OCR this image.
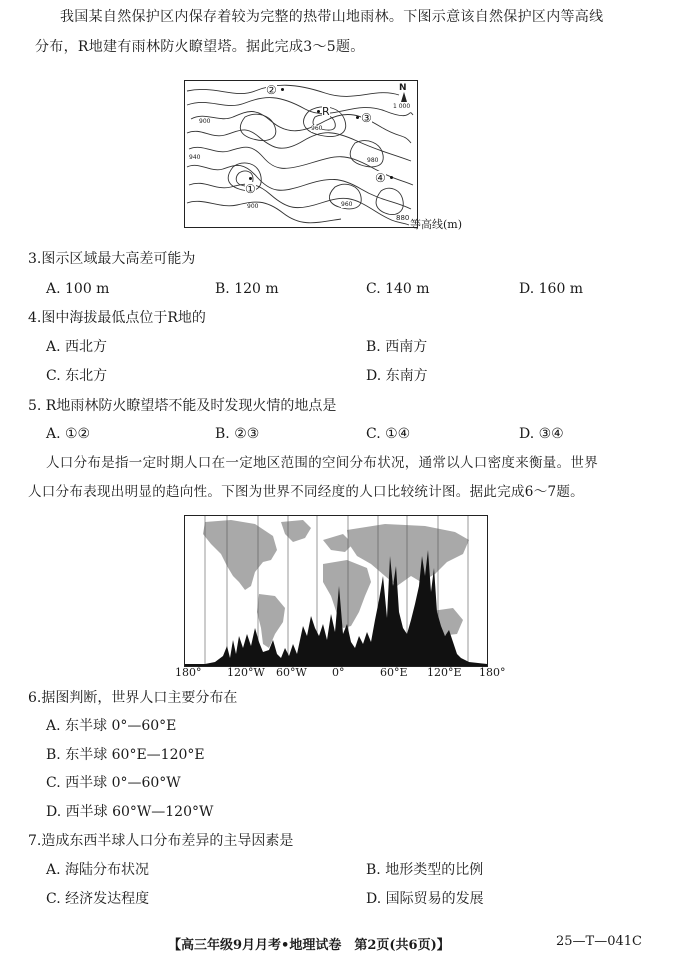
我国某自然保护区内保存着较为完整的热带山地雨林。下图示意该自然保护区内等高线
分布，R地建有雨林防火瞭望塔。据此完成3～5题。
N
②
R	③
①
④
900
940
960
980
1 000
960
900
880 等高线(m)
3.图示区域最大高差可能为
A. 100 m	B. 120 m	C. 140 m	D. 160 m
4.图中海拔最低点位于R地的
A. 西北方	B. 西南方
C. 东北方	D. 东南方
5. R地雨林防火瞭望塔不能及时发现火情的地点是
A. ①②	B. ②③	C. ①④	D. ③④
人口分布是指一定时期人口在一定地区范围的空间分布状况，通常以人口密度来衡量。世界
人口分布表现出明显的趋向性。下图为世界不同经度的人口比较统计图。据此完成6～7题。
180° 120°W 60°W 0°	60°E 120°E 180°
6.据图判断，世界人口主要分布在
A. 东半球 0°—60°E
B. 东半球 60°E—120°E
C. 西半球 0°—60°W
D. 西半球 60°W—120°W
7.造成东西半球人口分布差异的主导因素是
A. 海陆分布状况	B. 地形类型的比例
C. 经济发达程度	D. 国际贸易的发展
【高三年级9月月考•地理试卷　第2页(共6页)】	25—T—041C
